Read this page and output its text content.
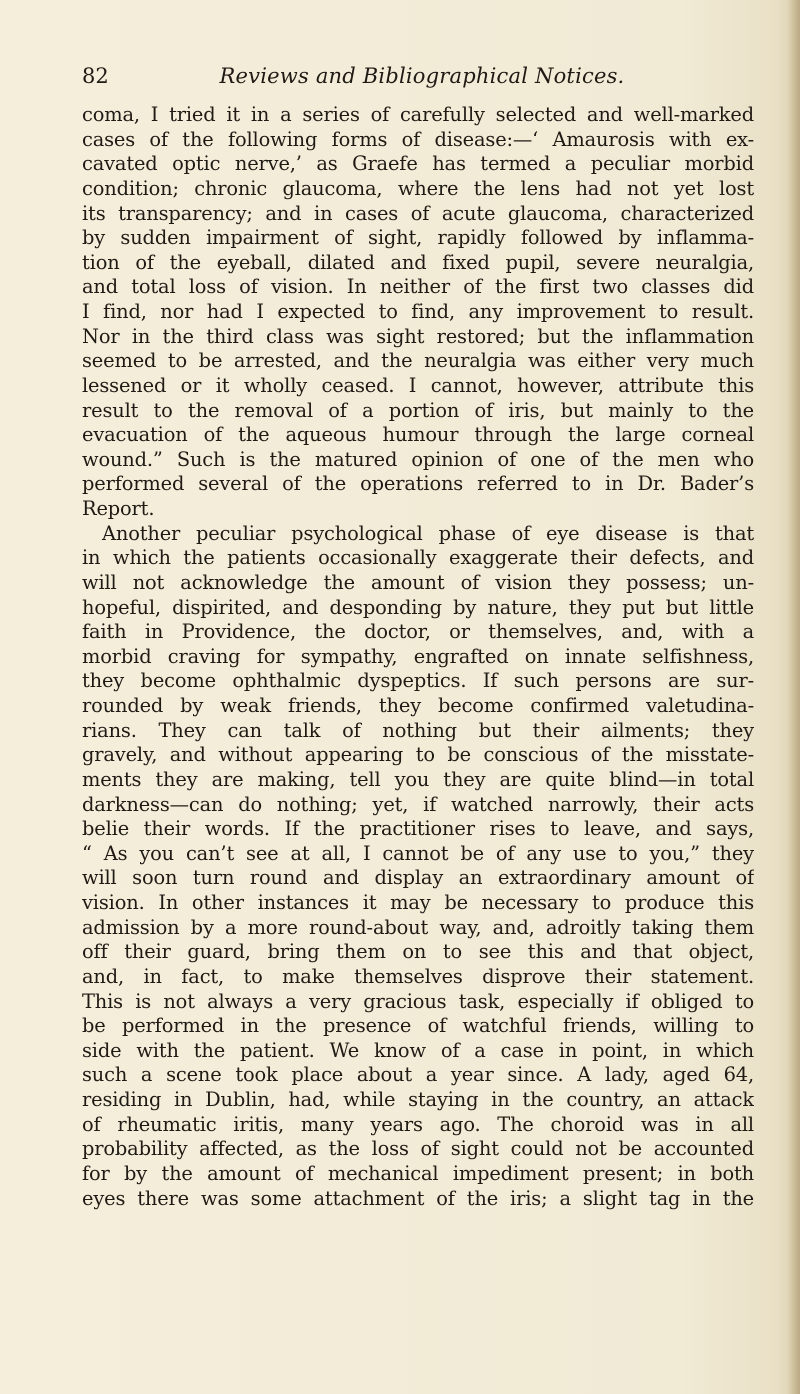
82	Reviews and Bibliographical Notices.
coma, I tried it in a series of carefully selected and well-marked
cases of the following forms of disease:—‘ Amaurosis with ex-
cavated optic nerve,’ as Graefe has termed a peculiar morbid
condition; chronic glaucoma, where the lens had not yet lost
its transparency; and in cases of acute glaucoma, characterized
by sudden impairment of sight, rapidly followed by inflamma-
tion of the eyeball, dilated and fixed pupil, severe neuralgia,
and total loss of vision. In neither of the first two classes did
I find, nor had I expected to find, any improvement to result.
Nor in the third class was sight restored; but the inflammation
seemed to be arrested, and the neuralgia was either very much
lessened or it wholly ceased. I cannot, however, attribute this
result to the removal of a portion of iris, but mainly to the
evacuation of the aqueous humour through the large corneal
wound.” Such is the matured opinion of one of the men who
performed several of the operations referred to in Dr. Bader’s
Report.
Another peculiar psychological phase of eye disease is that
in which the patients occasionally exaggerate their defects, and
will not acknowledge the amount of vision they possess; un-
hopeful, dispirited, and desponding by nature, they put but little
faith in Providence, the doctor, or themselves, and, with a
morbid craving for sympathy, engrafted on innate selfishness,
they become ophthalmic dyspeptics. If such persons are sur-
rounded by weak friends, they become confirmed valetudina-
rians. They can talk of nothing but their ailments; they
gravely, and without appearing to be conscious of the misstate-
ments they are making, tell you they are quite blind—in total
darkness—can do nothing; yet, if watched narrowly, their acts
belie their words. If the practitioner rises to leave, and says,
“ As you can’t see at all, I cannot be of any use to you,” they
will soon turn round and display an extraordinary amount of
vision. In other instances it may be necessary to produce this
admission by a more round-about way, and, adroitly taking them
off their guard, bring them on to see this and that object,
and, in fact, to make themselves disprove their statement.
This is not always a very gracious task, especially if obliged to
be performed in the presence of watchful friends, willing to
side with the patient. We know of a case in point, in which
such a scene took place about a year since. A lady, aged 64,
residing in Dublin, had, while staying in the country, an attack
of rheumatic iritis, many years ago. The choroid was in all
probability affected, as the loss of sight could not be accounted
for by the amount of mechanical impediment present; in both
eyes there was some attachment of the iris; a slight tag in the
